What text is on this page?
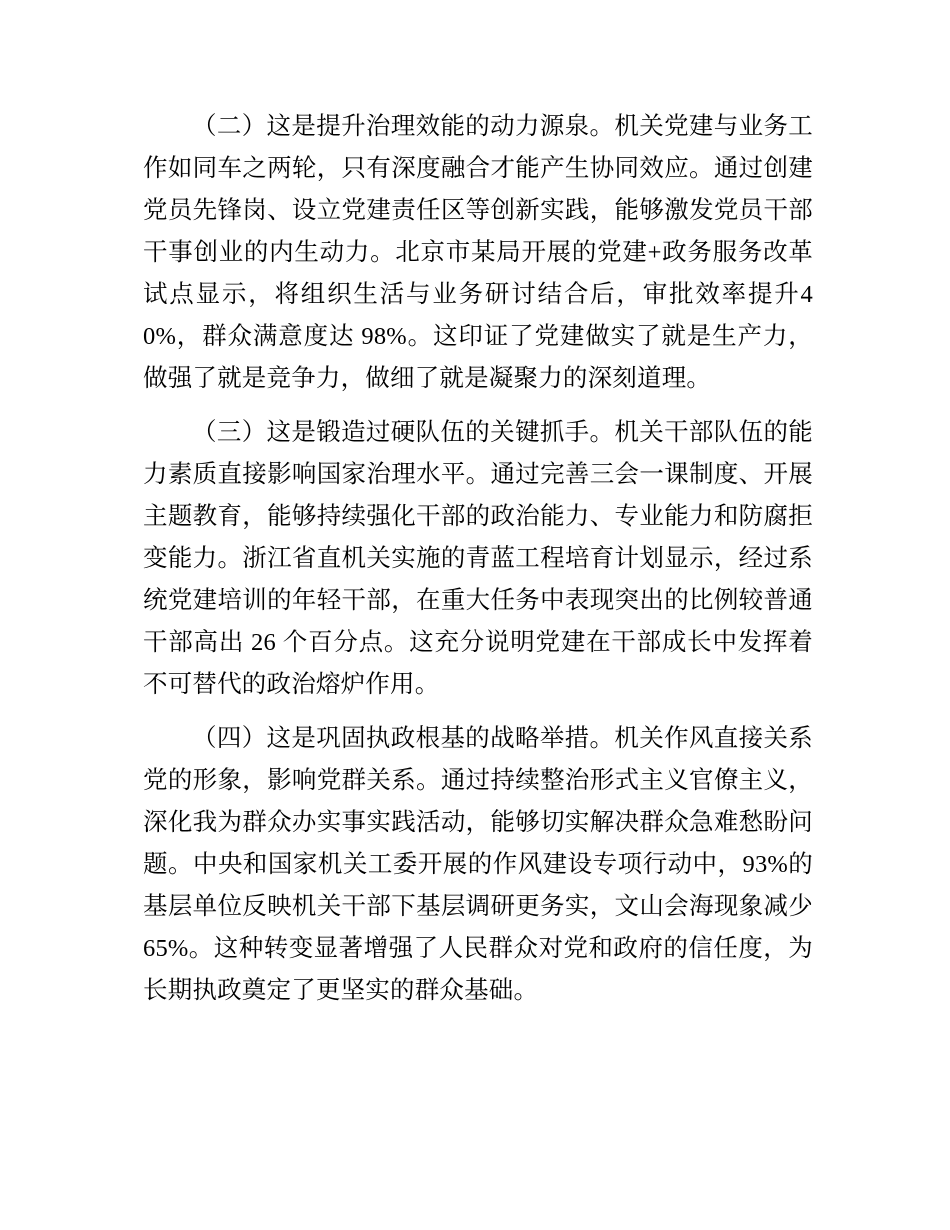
（二）这是提升治理效能的动力源泉。机关党建与业务工作如同车之两轮，只有深度融合才能产生协同效应。通过创建党员先锋岗、设立党建责任区等创新实践，能够激发党员干部干事创业的内生动力。北京市某局开展的党建+政务服务改革试点显示，将组织生活与业务研讨结合后，审批效率提升40%，群众满意度达 98%。这印证了党建做实了就是生产力，做强了就是竞争力，做细了就是凝聚力的深刻道理。

（三）这是锻造过硬队伍的关键抓手。机关干部队伍的能力素质直接影响国家治理水平。通过完善三会一课制度、开展主题教育，能够持续强化干部的政治能力、专业能力和防腐拒变能力。浙江省直机关实施的青蓝工程培育计划显示，经过系统党建培训的年轻干部，在重大任务中表现突出的比例较普通干部高出 26 个百分点。这充分说明党建在干部成长中发挥着不可替代的政治熔炉作用。

（四）这是巩固执政根基的战略举措。机关作风直接关系党的形象，影响党群关系。通过持续整治形式主义官僚主义，深化我为群众办实事实践活动，能够切实解决群众急难愁盼问题。中央和国家机关工委开展的作风建设专项行动中，93%的基层单位反映机关干部下基层调研更务实，文山会海现象减少65%。这种转变显著增强了人民群众对党和政府的信任度，为长期执政奠定了更坚实的群众基础。
